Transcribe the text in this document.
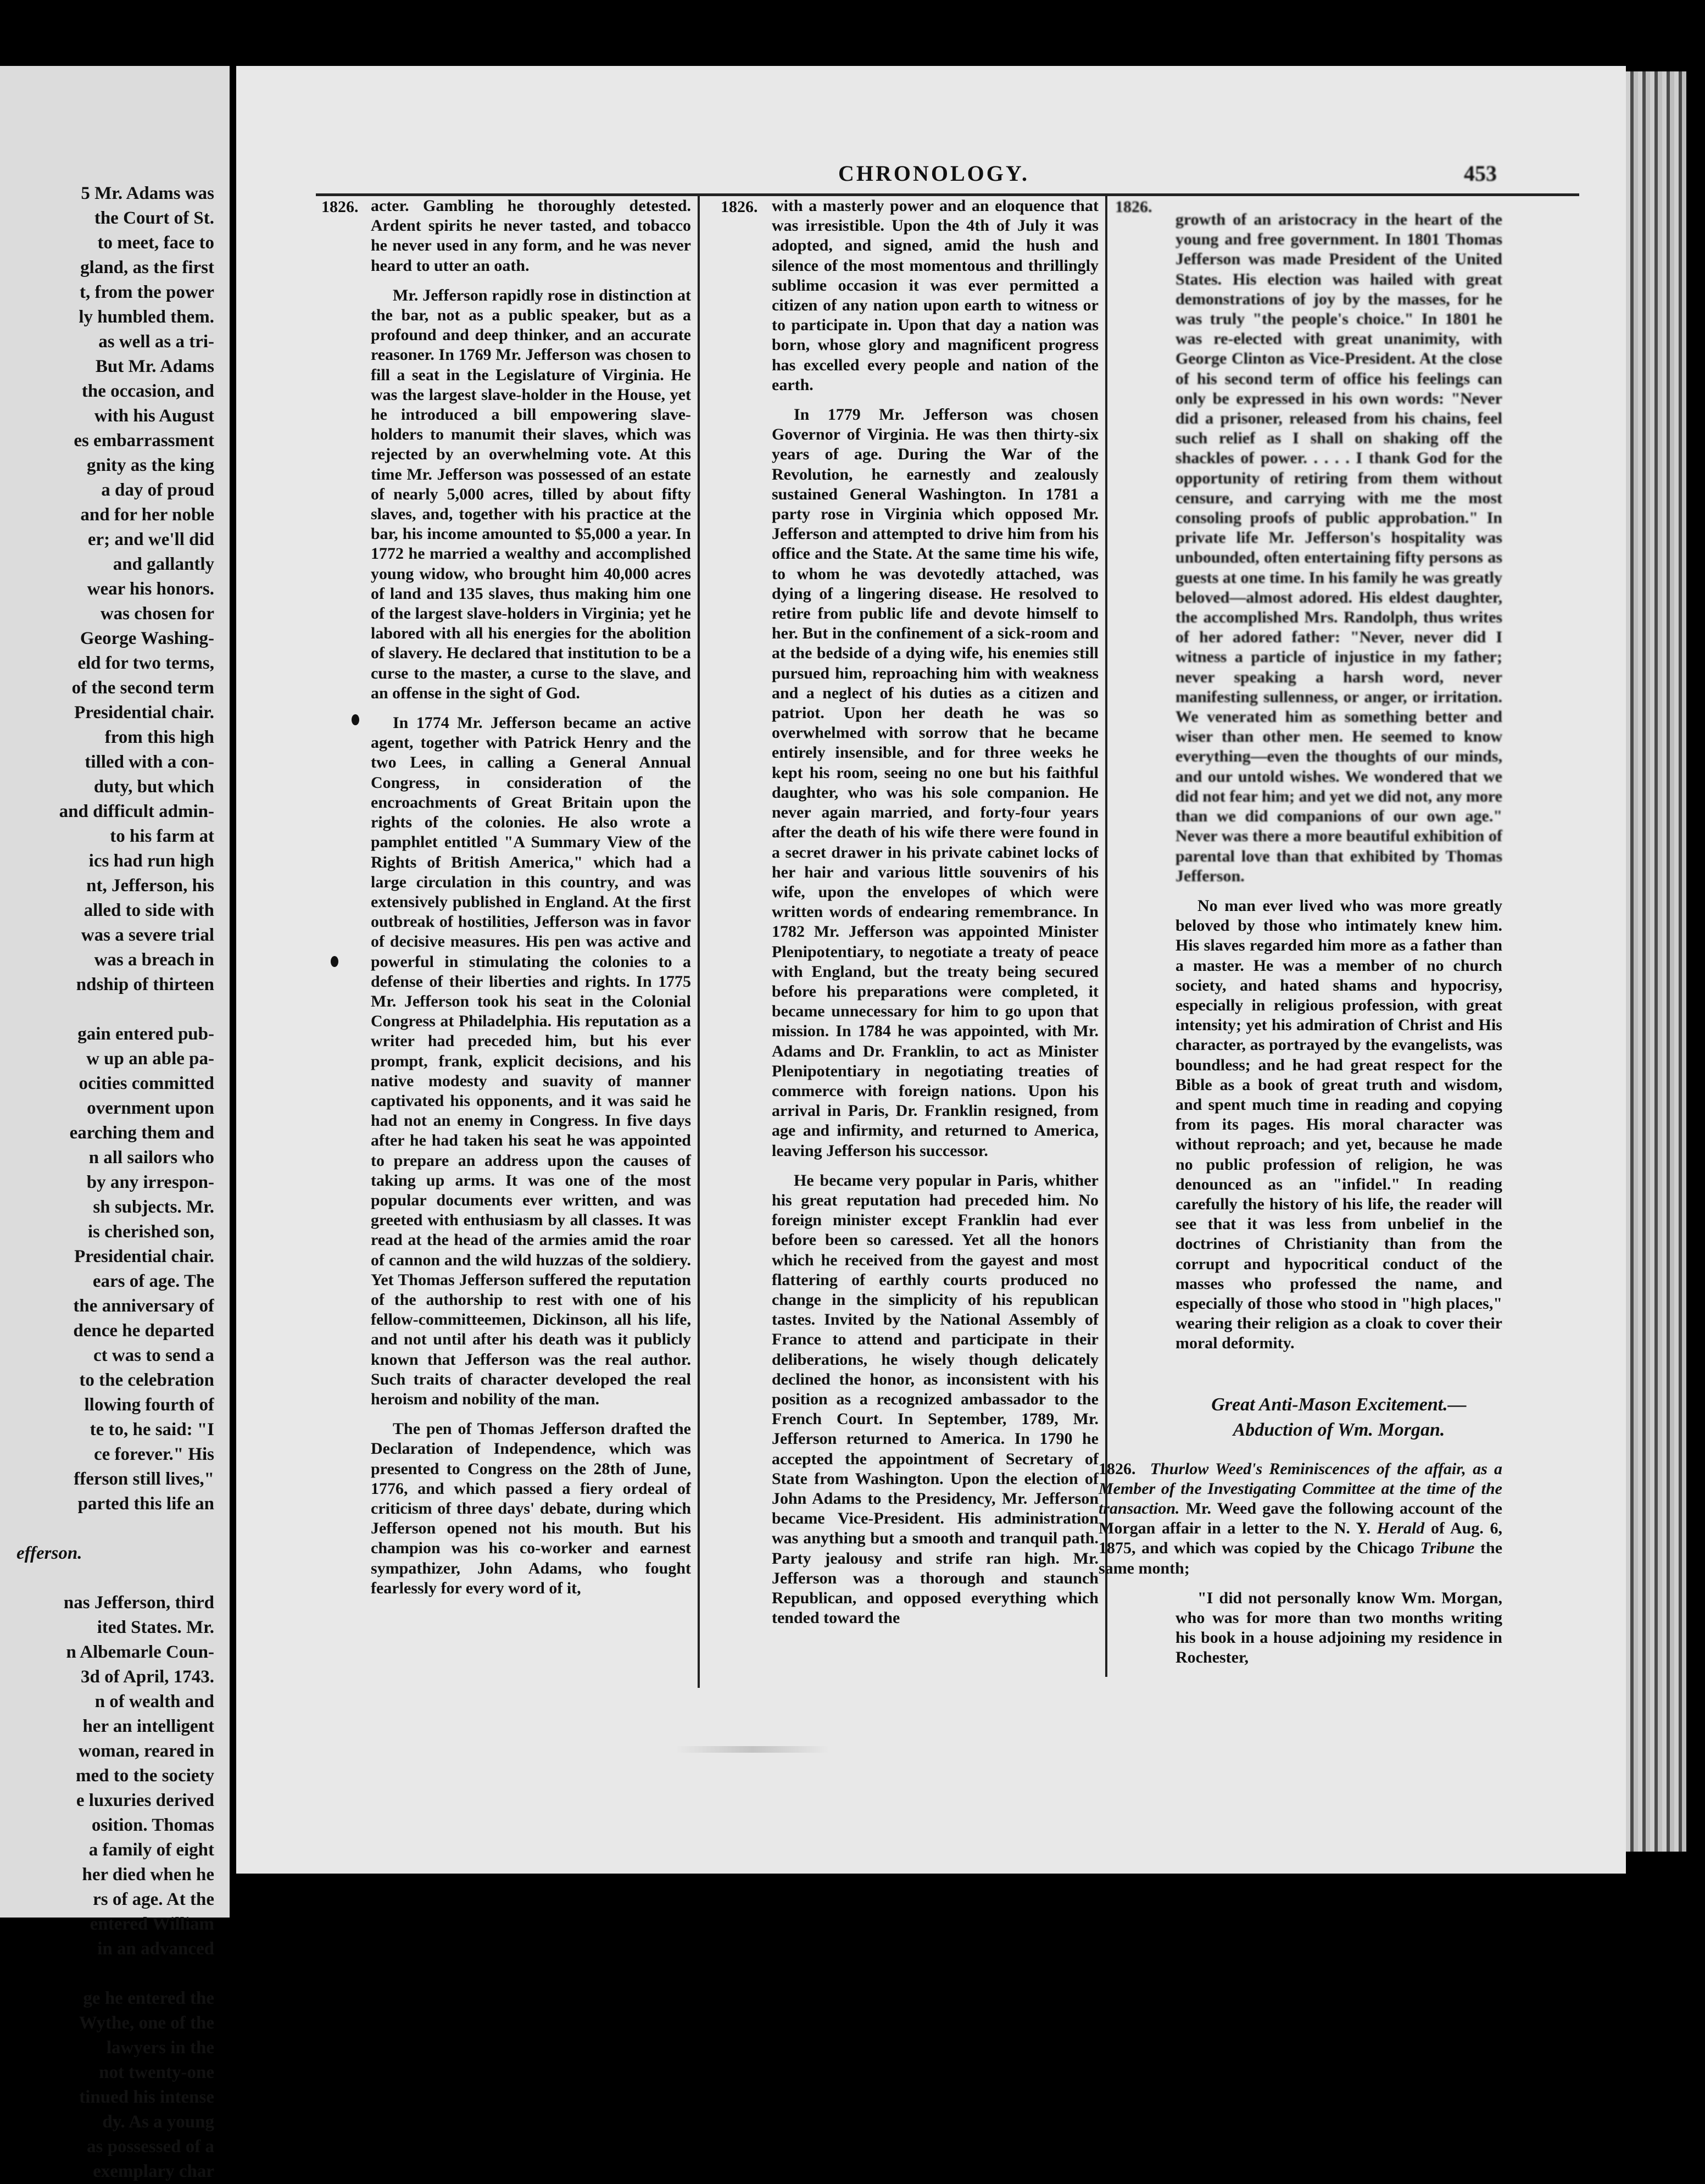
5 Mr. Adams was

the Court of St.

to meet, face to

gland, as the first

t, from the power

ly humbled them.

as well as a tri-

But Mr. Adams

the occasion, and

with his August

es embarrassment

gnity as the king

a day of proud

and for her noble

er; and we'll did

and gallantly

wear his honors.

was chosen for

George Washing-

eld for two terms,

of the second term

Presidential chair.

from this high

tilled with a con-

duty, but which

and difficult admin-

to his farm at

ics had run high

nt, Jefferson, his

alled to side with

was a severe trial

was a breach in

ndship of thirteen

gain entered pub-

w up an able pa-

ocities committed

overnment upon

earching them and

n all sailors who

by any irrespon-

sh subjects. Mr.

is cherished son,

Presidential chair.

ears of age. The

the anniversary of

dence he departed

ct was to send a

to the celebration

llowing fourth of

te to, he said: "I

ce forever." His

fferson still lives,"

parted this life an

efferson.

nas Jefferson, third

ited States. Mr.

n Albemarle Coun-

3d of April, 1743.

n of wealth and

her an intelligent

woman, reared in

med to the society

e luxuries derived

osition. Thomas

a family of eight

her died when he

rs of age. At the

entered William

in an advanced

ge he entered the

Wythe, one of the

lawyers in the

not twenty-one

tinued his intense

dy. As a young

as possessed of a

exemplary char

CHRONOLOGY.	453
1826.	1826.	1826.

acter. Gambling he thoroughly detested. Ardent spirits he never tasted, and tobacco he never used in any form, and he was never heard to utter an oath.

Mr. Jefferson rapidly rose in distinction at the bar, not as a public speaker, but as a profound and deep thinker, and an accurate reasoner. In 1769 Mr. Jefferson was chosen to fill a seat in the Legislature of Virginia. He was the largest slave-holder in the House, yet he introduced a bill empowering slave-holders to manumit their slaves, which was rejected by an overwhelming vote. At this time Mr. Jefferson was possessed of an estate of nearly 5,000 acres, tilled by about fifty slaves, and, together with his practice at the bar, his income amounted to $5,000 a year. In 1772 he married a wealthy and accomplished young widow, who brought him 40,000 acres of land and 135 slaves, thus making him one of the largest slave-holders in Virginia; yet he labored with all his energies for the abolition of slavery. He declared that institution to be a curse to the master, a curse to the slave, and an offense in the sight of God.

In 1774 Mr. Jefferson became an active agent, together with Patrick Henry and the two Lees, in calling a General Annual Congress, in consideration of the encroachments of Great Britain upon the rights of the colonies. He also wrote a pamphlet entitled "A Summary View of the Rights of British America," which had a large circulation in this country, and was extensively published in England. At the first outbreak of hostilities, Jefferson was in favor of decisive measures. His pen was active and powerful in stimulating the colonies to a defense of their liberties and rights. In 1775 Mr. Jefferson took his seat in the Colonial Congress at Philadelphia. His reputation as a writer had preceded him, but his ever prompt, frank, explicit decisions, and his native modesty and suavity of manner captivated his opponents, and it was said he had not an enemy in Congress. In five days after he had taken his seat he was appointed to prepare an address upon the causes of taking up arms. It was one of the most popular documents ever written, and was greeted with enthusiasm by all classes. It was read at the head of the armies amid the roar of cannon and the wild huzzas of the soldiery. Yet Thomas Jefferson suffered the reputation of the authorship to rest with one of his fellow-committeemen, Dickinson, all his life, and not until after his death was it publicly known that Jefferson was the real author. Such traits of character developed the real heroism and nobility of the man.

The pen of Thomas Jefferson drafted the Declaration of Independence, which was presented to Congress on the 28th of June, 1776, and which passed a fiery ordeal of criticism of three days' debate, during which Jefferson opened not his mouth. But his champion was his co-worker and earnest sympathizer, John Adams, who fought fearlessly for every word of it,

with a masterly power and an eloquence that was irresistible. Upon the 4th of July it was adopted, and signed, amid the hush and silence of the most momentous and thrillingly sublime occasion it was ever permitted a citizen of any nation upon earth to witness or to participate in. Upon that day a nation was born, whose glory and magnificent progress has excelled every people and nation of the earth.

In 1779 Mr. Jefferson was chosen Governor of Virginia. He was then thirty-six years of age. During the War of the Revolution, he earnestly and zealously sustained General Washington. In 1781 a party rose in Virginia which opposed Mr. Jefferson and attempted to drive him from his office and the State. At the same time his wife, to whom he was devotedly attached, was dying of a lingering disease. He resolved to retire from public life and devote himself to her. But in the confinement of a sick-room and at the bedside of a dying wife, his enemies still pursued him, reproaching him with weakness and a neglect of his duties as a citizen and patriot. Upon her death he was so overwhelmed with sorrow that he became entirely insensible, and for three weeks he kept his room, seeing no one but his faithful daughter, who was his sole companion. He never again married, and forty-four years after the death of his wife there were found in a secret drawer in his private cabinet locks of her hair and various little souvenirs of his wife, upon the envelopes of which were written words of endearing remembrance. In 1782 Mr. Jefferson was appointed Minister Plenipotentiary, to negotiate a treaty of peace with England, but the treaty being secured before his preparations were completed, it became unnecessary for him to go upon that mission. In 1784 he was appointed, with Mr. Adams and Dr. Franklin, to act as Minister Plenipotentiary in negotiating treaties of commerce with foreign nations. Upon his arrival in Paris, Dr. Franklin resigned, from age and infirmity, and returned to America, leaving Jefferson his successor.

He became very popular in Paris, whither his great reputation had preceded him. No foreign minister except Franklin had ever before been so caressed. Yet all the honors which he received from the gayest and most flattering of earthly courts produced no change in the simplicity of his republican tastes. Invited by the National Assembly of France to attend and participate in their deliberations, he wisely though delicately declined the honor, as inconsistent with his position as a recognized ambassador to the French Court. In September, 1789, Mr. Jefferson returned to America. In 1790 he accepted the appointment of Secretary of State from Washington. Upon the election of John Adams to the Presidency, Mr. Jefferson became Vice-President. His administration was anything but a smooth and tranquil path. Party jealousy and strife ran high. Mr. Jefferson was a thorough and staunch Republican, and opposed everything which tended toward the

growth of an aristocracy in the heart of the young and free government. In 1801 Thomas Jefferson was made President of the United States. His election was hailed with great demonstrations of joy by the masses, for he was truly "the people's choice." In 1801 he was re-elected with great unanimity, with George Clinton as Vice-President. At the close of his second term of office his feelings can only be expressed in his own words: "Never did a prisoner, released from his chains, feel such relief as I shall on shaking off the shackles of power. . . . . I thank God for the opportunity of retiring from them without censure, and carrying with me the most consoling proofs of public approbation." In private life Mr. Jefferson's hospitality was unbounded, often entertaining fifty persons as guests at one time. In his family he was greatly beloved—almost adored. His eldest daughter, the accomplished Mrs. Randolph, thus writes of her adored father: "Never, never did I witness a particle of injustice in my father; never speaking a harsh word, never manifesting sullenness, or anger, or irritation. We venerated him as something better and wiser than other men. He seemed to know everything—even the thoughts of our minds, and our untold wishes. We wondered that we did not fear him; and yet we did not, any more than we did companions of our own age." Never was there a more beautiful exhibition of parental love than that exhibited by Thomas Jefferson.

No man ever lived who was more greatly beloved by those who intimately knew him. His slaves regarded him more as a father than a master. He was a member of no church society, and hated shams and hypocrisy, especially in religious profession, with great intensity; yet his admiration of Christ and His character, as portrayed by the evangelists, was boundless; and he had great respect for the Bible as a book of great truth and wisdom, and spent much time in reading and copying from its pages. His moral character was without reproach; and yet, because he made no public profession of religion, he was denounced as an "infidel." In reading carefully the history of his life, the reader will see that it was less from unbelief in the doctrines of Christianity than from the corrupt and hypocritical conduct of the masses who professed the name, and especially of those who stood in "high places," wearing their religion as a cloak to cover their moral deformity.

Great Anti-Mason Excitement.—
Abduction of Wm. Morgan.

1826. Thurlow Weed's Reminiscences of the affair, as a Member of the Investigating Committee at the time of the transaction. Mr. Weed gave the following account of the Morgan affair in a letter to the N. Y. Herald of Aug. 6, 1875, and which was copied by the Chicago Tribune the same month;

"I did not personally know Wm. Morgan, who was for more than two months writing his book in a house adjoining my residence in Rochester,
